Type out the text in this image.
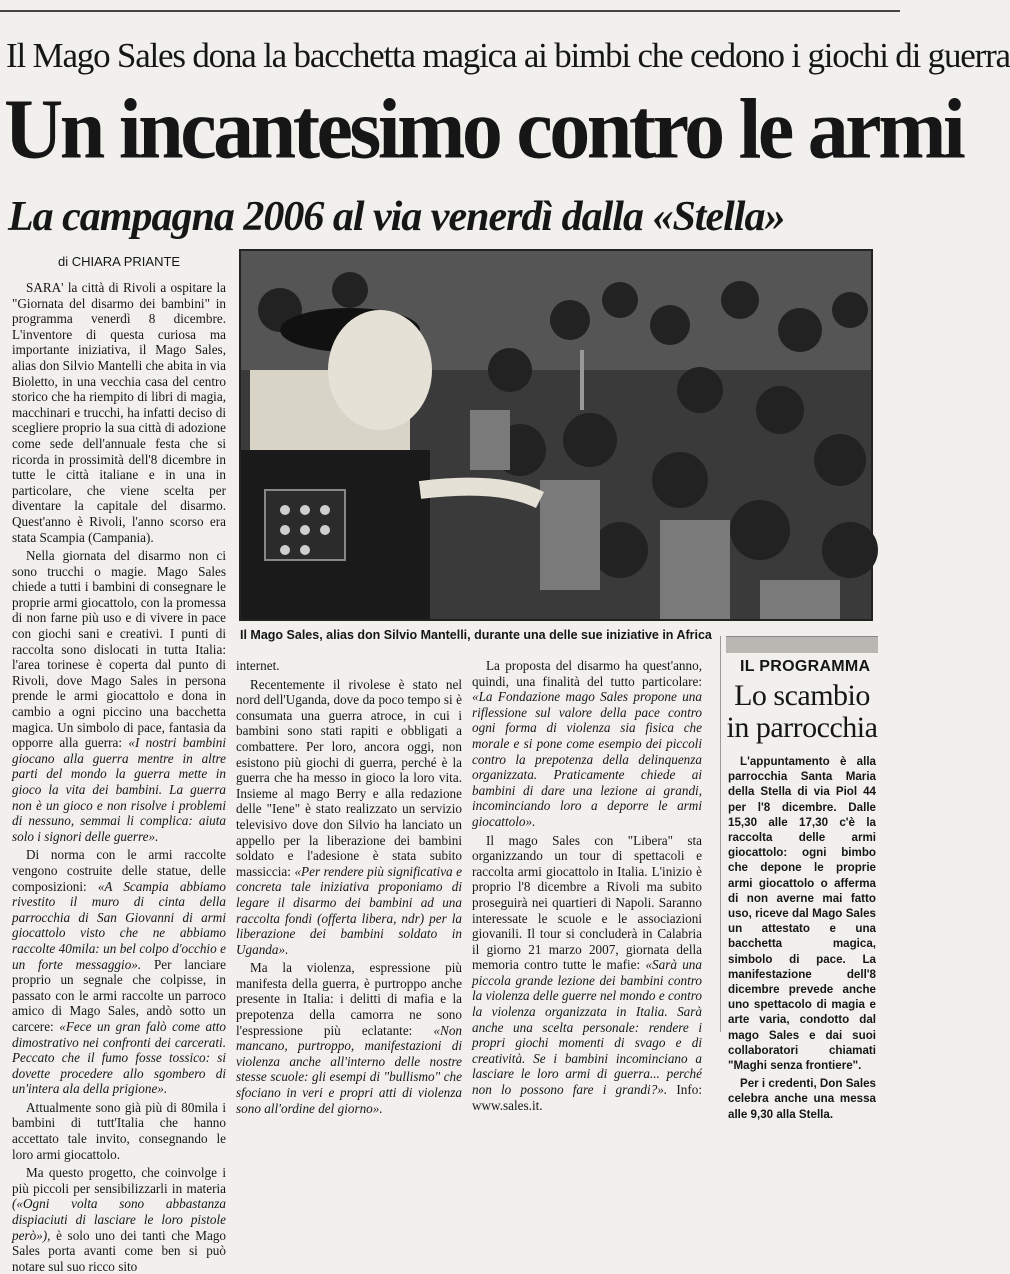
Il Mago Sales dona la bacchetta magica ai bimbi che cedono i giochi di guerra
Un incantesimo contro le armi
La campagna 2006 al via venerdì dalla «Stella»
di CHIARA PRIANTE
Il Mago Sales, alias don Silvio Mantelli, durante una delle sue iniziative in Africa

SARA' la città di Rivoli a ospitare la "Giornata del disarmo dei bambini" in programma venerdì 8 dicembre. L'inventore di questa curiosa ma importante iniziativa, il Mago Sales, alias don Silvio Mantelli che abita in via Bioletto, in una vecchia casa del centro storico che ha riempito di libri di magia, macchinari e trucchi, ha infatti deciso di scegliere proprio la sua città di adozione come sede dell'annuale festa che si ricorda in prossimità dell'8 dicembre in tutte le città italiane e in una in particolare, che viene scelta per diventare la capitale del disarmo. Quest'anno è Rivoli, l'anno scorso era stata Scampia (Campania).

Nella giornata del disarmo non ci sono trucchi o magie. Mago Sales chiede a tutti i bambini di consegnare le proprie armi giocattolo, con la promessa di non farne più uso e di vivere in pace con giochi sani e creativi. I punti di raccolta sono dislocati in tutta Italia: l'area torinese è coperta dal punto di Rivoli, dove Mago Sales in persona prende le armi giocattolo e dona in cambio a ogni piccino una bacchetta magica. Un simbolo di pace, fantasia da opporre alla guerra: «I nostri bambini giocano alla guerra mentre in altre parti del mondo la guerra mette in gioco la vita dei bambini. La guerra non è un gioco e non risolve i problemi di nessuno, semmai li complica: aiuta solo i signori delle guerre».

Di norma con le armi raccolte vengono costruite delle statue, delle composizioni: «A Scampia abbiamo rivestito il muro di cinta della parrocchia di San Giovanni di armi giocattolo visto che ne abbiamo raccolte 40mila: un bel colpo d'occhio e un forte messaggio». Per lanciare proprio un segnale che colpisse, in passato con le armi raccolte un parroco amico di Mago Sales, andò sotto un carcere: «Fece un gran falò come atto dimostrativo nei confronti dei carcerati. Peccato che il fumo fosse tossico: si dovette procedere allo sgombero di un'intera ala della prigione».

Attualmente sono già più di 80mila i bambini di tutt'Italia che hanno accettato tale invito, consegnando le loro armi giocattolo.

Ma questo progetto, che coinvolge i più piccoli per sensibilizzarli in materia («Ogni volta sono abbastanza dispiaciuti di lasciare le loro pistole però»), è solo uno dei tanti che Mago Sales porta avanti come ben si può notare sul suo ricco sito

internet.

Recentemente il rivolese è stato nel nord dell'Uganda, dove da poco tempo si è consumata una guerra atroce, in cui i bambini sono stati rapiti e obbligati a combattere. Per loro, ancora oggi, non esistono più giochi di guerra, perché è la guerra che ha messo in gioco la loro vita. Insieme al mago Berry e alla redazione delle "Iene" è stato realizzato un servizio televisivo dove don Silvio ha lanciato un appello per la liberazione dei bambini soldato e l'adesione è stata subito massiccia: «Per rendere più significativa e concreta tale iniziativa proponiamo di legare il disarmo dei bambini ad una raccolta fondi (offerta libera, ndr) per la liberazione dei bambini soldato in Uganda».

Ma la violenza, espressione più manifesta della guerra, è purtroppo anche presente in Italia: i delitti di mafia e la prepotenza della camorra ne sono l'espressione più eclatante: «Non mancano, purtroppo, manifestazioni di violenza anche all'interno delle nostre stesse scuole: gli esempi di "bullismo" che sfociano in veri e propri atti di violenza sono all'ordine del giorno».

La proposta del disarmo ha quest'anno, quindi, una finalità del tutto particolare: «La Fondazione mago Sales propone una riflessione sul valore della pace contro ogni forma di violenza sia fisica che morale e si pone come esempio dei piccoli contro la prepotenza della delinquenza organizzata. Praticamente chiede ai bambini di dare una lezione ai grandi, incominciando loro a deporre le armi giocattolo».

Il mago Sales con "Libera" sta organizzando un tour di spettacoli e raccolta armi giocattolo in Italia. L'inizio è proprio l'8 dicembre a Rivoli ma subito proseguirà nei quartieri di Napoli. Saranno interessate le scuole e le associazioni giovanili. Il tour si concluderà in Calabria il giorno 21 marzo 2007, giornata della memoria contro tutte le mafie: «Sarà una piccola grande lezione dei bambini contro la violenza delle guerre nel mondo e contro la violenza organizzata in Italia. Sarà anche una scelta personale: rendere i propri giochi momenti di svago e di creatività. Se i bambini incominciano a lasciare le loro armi di guerra... perché non lo possono fare i grandi?». Info: www.sales.it.

IL PROGRAMMA
Lo scambio in parrocchia

L'appuntamento è alla parrocchia Santa Maria della Stella di via Piol 44 per l'8 dicembre. Dalle 15,30 alle 17,30 c'è la raccolta delle armi giocattolo: ogni bimbo che depone le proprie armi giocattolo o afferma di non averne mai fatto uso, riceve dal Mago Sales un attestato e una bacchetta magica, simbolo di pace. La manifestazione dell'8 dicembre prevede anche uno spettacolo di magia e arte varia, condotto dal mago Sales e dai suoi collaboratori chiamati "Maghi senza frontiere".

Per i credenti, Don Sales celebra anche una messa alle 9,30 alla Stella.
